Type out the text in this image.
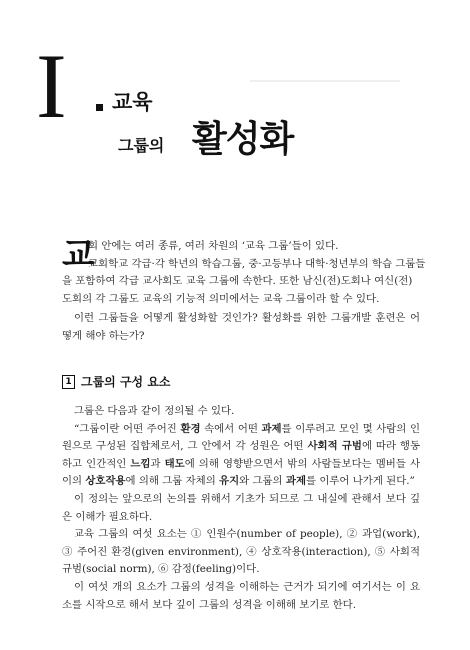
I 교육
그룹의 활성화
교
회 안에는 여러 종류, 여러 차원의 ‘교육 그룹’들이 있다.
교회학교 각급·각 학년의 학습그룹, 중·고등부나 대학·청년부의 학습 그룹들
을 포함하여 각급 교사회도 교육 그룹에 속한다. 또한 남신(전)도회나 여신(전)
도회의 각 그룹도 교육의 기능적 의미에서는 교육 그룹이라 할 수 있다.

이런 그룹들을 어떻게 활성화할 것인가? 활성화를 위한 그룹개발 훈련은 어떻게 해야 하는가?

1 그룹의 구성 요소

그룹은 다음과 같이 정의될 수 있다.

“그룹이란 어떤 주어진 환경 속에서 어떤 과제를 이루려고 모인 몇 사람의 인원으로 구성된 집합체로서, 그 안에서 각 성원은 어떤 사회적 규범에 따라 행동하고 인간적인 느낌과 태도에 의해 영향받으면서 밖의 사람들보다는 멤버들 사이의 상호작용에 의해 그룹 자체의 유지와 그룹의 과제를 이루어 나가게 된다.”

이 정의는 앞으로의 논의를 위해서 기초가 되므로 그 내실에 관해서 보다 깊은 이해가 필요하다.

교육 그룹의 여섯 요소는 ① 인원수(number of people), ② 과업(work), ③ 주어진 환경(given environment), ④ 상호작용(interaction), ⑤ 사회적 규범(social norm), ⑥ 감정(feeling)이다.

이 여섯 개의 요소가 그룹의 성격을 이해하는 근거가 되기에 여기서는 이 요소를 시작으로 해서 보다 깊이 그룹의 성격을 이해해 보기로 한다.
